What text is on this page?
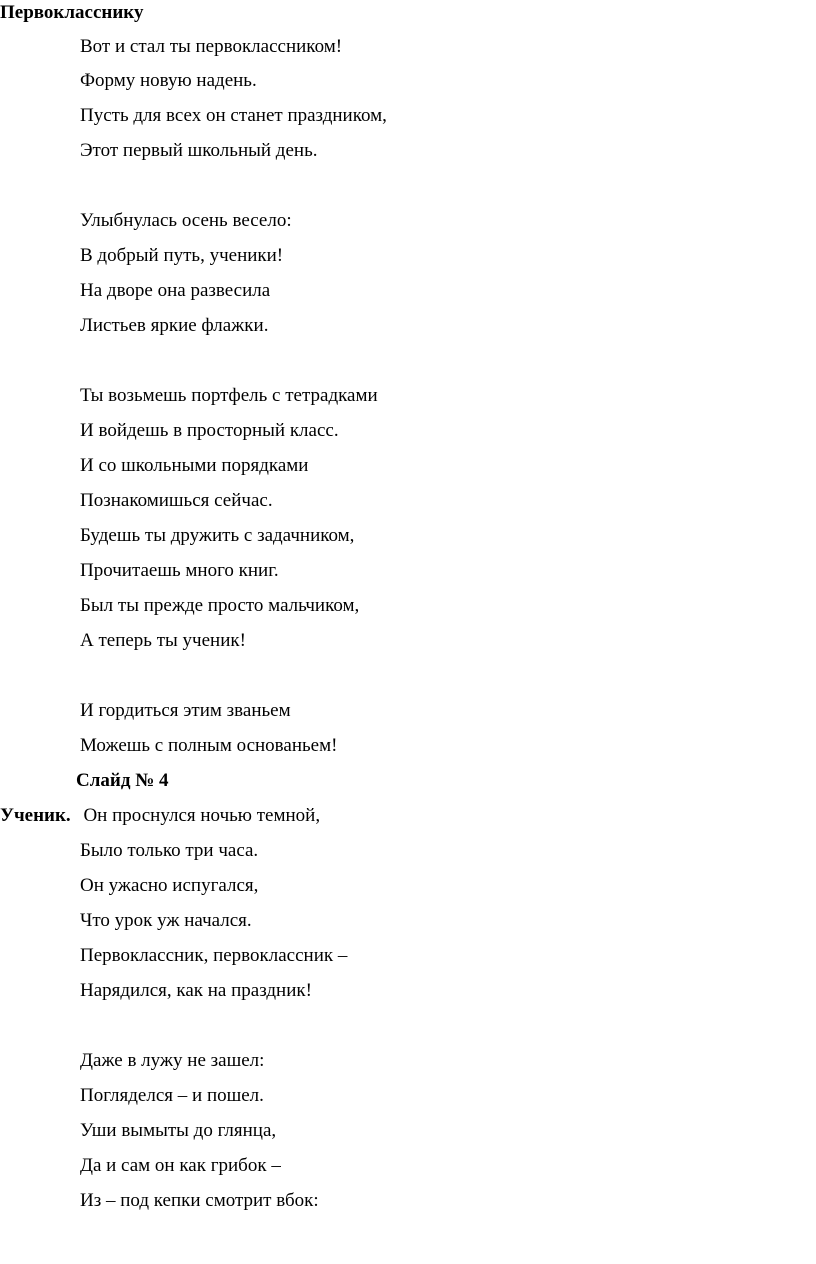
Первокласснику
Вот и стал ты первоклассником!
Форму новую надень.
Пусть для всех он станет праздником,
Этот первый школьный день.
Улыбнулась осень весело:
В добрый путь, ученики!
На дворе она развесила
Листьев яркие флажки.
Ты возьмешь портфель с тетрадками
И войдешь в просторный класс.
И со школьными порядками
Познакомишься сейчас.
Будешь ты дружить с задачником,
Прочитаешь много книг.
Был ты прежде просто мальчиком,
А теперь ты ученик!
И гордиться этим званьем
Можешь с полным основаньем!
Слайд № 4
Ученик. Он проснулся ночью темной,
Было только три часа.
Он ужасно испугался,
Что урок уж начался.
Первоклассник, первоклассник –
Нарядился, как на праздник!
Даже в лужу не зашел:
Погляделся – и пошел.
Уши вымыты до глянца,
Да и сам он как грибок –
Из – под кепки смотрит вбок:
